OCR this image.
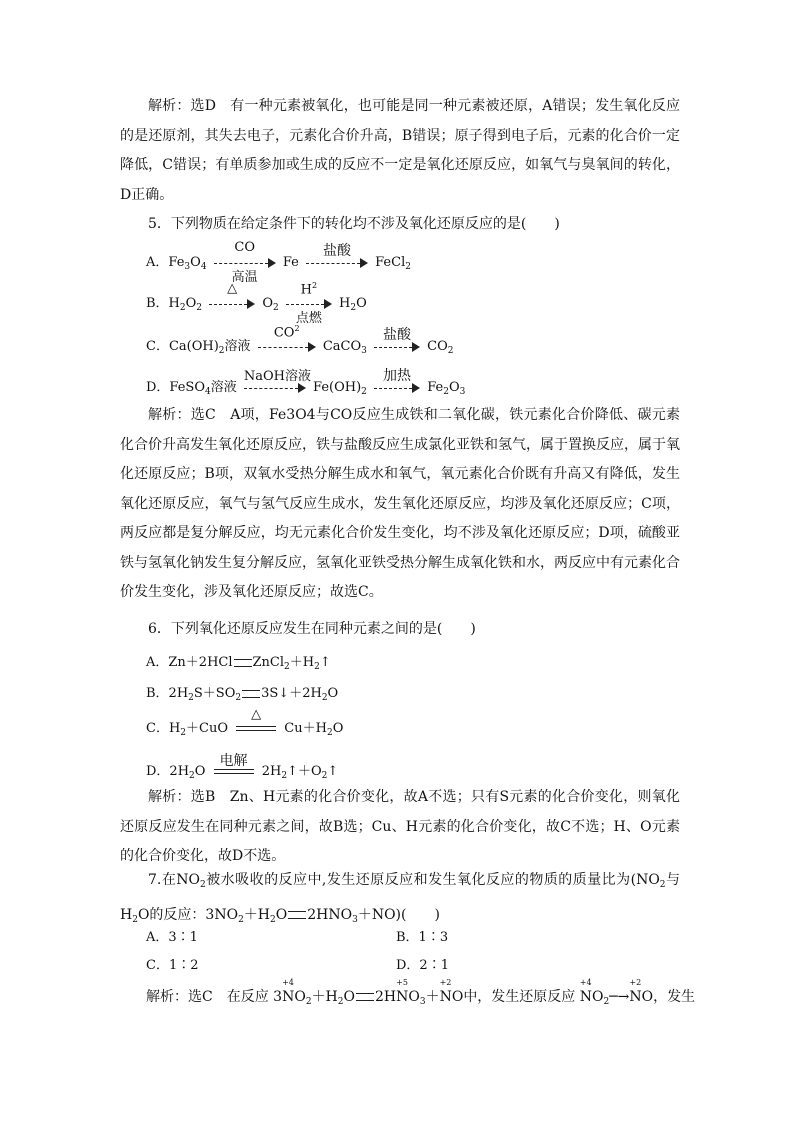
解析：选D　有一种元素被氧化，也可能是同一种元素被还原，A错误；发生氧化反应的是还原剂，其失去电子，元素化合价升高，B错误；原子得到电子后，元素的化合价一定降低，C错误；有单质参加或生成的反应不一定是氧化还原反应，如氧气与臭氧间的转化，D正确。
5．下列物质在给定条件下的转化均不涉及氧化还原反应的是(　　)
A．$Fe_3O_4$
CO
高温
Fe
盐酸
FeCl$_2$
B．$H_2O_2$
△
$O_2$
$H^2$
点燃
$H_2O$
C．$Ca(OH)_2$溶液
$CO^2$
CaCO$_3$
盐酸
$CO_2$
D．FeSO$_4$溶液
NaOH溶液
$Fe(OH)_2$
加热
$Fe_2O_3$
解析：选C　A项，Fe3O4与CO反应生成铁和二氧化碳，铁元素化合价降低、碳元素化合价升高发生氧化还原反应，铁与盐酸反应生成氯化亚铁和氢气，属于置换反应，属于氧化还原反应；B项，双氧水受热分解生成水和氧气，氧元素化合价既有升高又有降低，发生氧化还原反应，氧气与氢气反应生成水，发生氧化还原反应，均涉及氧化还原反应；C项，两反应都是复分解反应，均无元素化合价发生变化，均不涉及氧化还原反应；D项，硫酸亚铁与氢氧化钠发生复分解反应，氢氧化亚铁受热分解生成氧化铁和水，两反应中有元素化合价发生变化，涉及氧化还原反应；故选C。
6．下列氧化还原反应发生在同种元素之间的是(　　)
A．Zn＋2HCl $ZnCl_2+H_2↑$
B．$2H_2S+SO_2$ $3S↓+2H_2O$
C．$H_2+CuO$
△
$Cu+H_2O$
D．$2H_2O$
电解
$2H_2↑+O_2↑$
解析：选B　Zn、H元素的化合价变化，故A不选；只有S元素的化合价变化，则氧化还原反应发生在同种元素之间，故B选；Cu、H元素的化合价变化，故C不选；H、O元素的化合价变化，故D不选。
7.在$NO_2$被水吸收的反应中,发生还原反应和发生氧化反应的物质的质量比为($NO_2$与$H_2O$的反应：$3NO_2+H_2O$ $2HNO_3+NO$)(　　)
A．3∶1	B．1∶3
C．1∶2	D．2∶1
解析：选C　在反应 3
+4
$NO_2+H_2O$ 2H
+5
$NO_3+$
+2
NO中，发生还原反应
+4
$NO_2─\to$
+2
NO，发生
